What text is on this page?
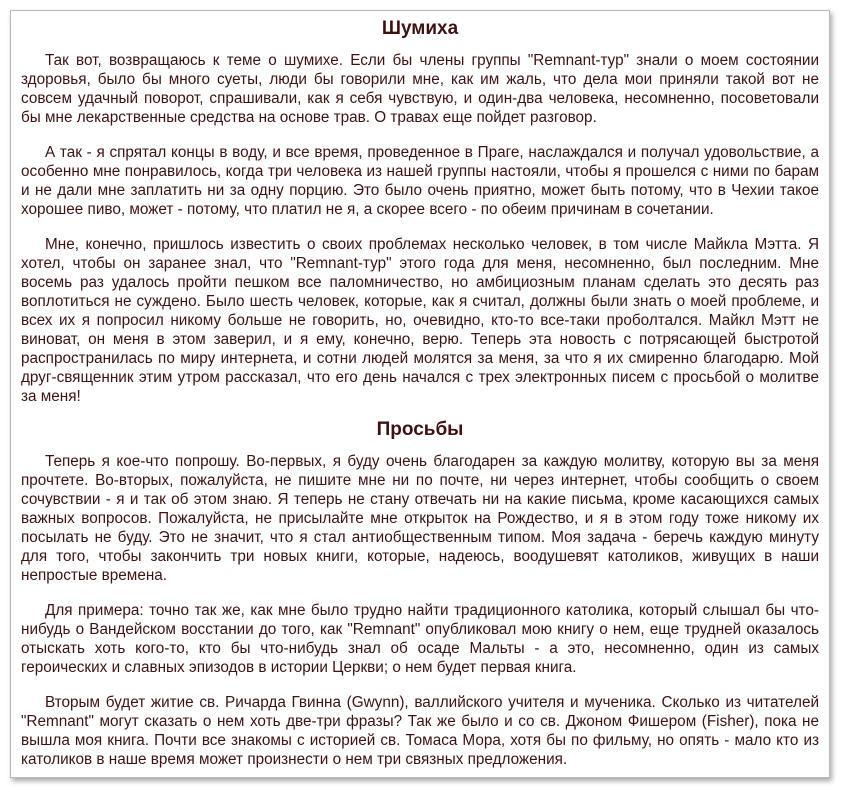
Шумиха

Так вот, возвращаюсь к теме о шумихе. Если бы члены группы "Remnant-тур" знали о моем состоянии здоровья, было бы много суеты, люди бы говорили мне, как им жаль, что дела мои приняли такой вот не совсем удачный поворот, спрашивали, как я себя чувствую, и один-два человека, несомненно, посоветовали бы мне лекарственные средства на основе трав. О травах еще пойдет разговор.

А так - я спрятал концы в воду, и все время, проведенное в Праге, наслаждался и получал удовольствие, а особенно мне понравилось, когда три человека из нашей группы настояли, чтобы я прошелся с ними по барам и не дали мне заплатить ни за одну порцию. Это было очень приятно, может быть потому, что в Чехии такое хорошее пиво, может - потому, что платил не я, а скорее всего - по обеим причинам в сочетании.

Мне, конечно, пришлось известить о своих проблемах несколько человек, в том числе Майкла Мэтта. Я хотел, чтобы он заранее знал, что "Remnant-тур" этого года для меня, несомненно, был последним. Мне восемь раз удалось пройти пешком все паломничество, но амбициозным планам сделать это десять раз воплотиться не суждено. Было шесть человек, которые, как я считал, должны были знать о моей проблеме, и всех их я попросил никому больше не говорить, но, очевидно, кто-то все-таки проболтался. Майкл Мэтт не виноват, он меня в этом заверил, и я ему, конечно, верю. Теперь эта новость с потрясающей быстротой распространилась по миру интернета, и сотни людей молятся за меня, за что я их смиренно благодарю. Мой друг-священник этим утром рассказал, что его день начался с трех электронных писем с просьбой о молитве за меня!

Просьбы

Теперь я кое-что попрошу. Во-первых, я буду очень благодарен за каждую молитву, которую вы за меня прочтете. Во-вторых, пожалуйста, не пишите мне ни по почте, ни через интернет, чтобы сообщить о своем сочувствии - я и так об этом знаю. Я теперь не стану отвечать ни на какие письма, кроме касающихся самых важных вопросов. Пожалуйста, не присылайте мне открыток на Рождество, и я в этом году тоже никому их посылать не буду. Это не значит, что я стал антиобщественным типом. Моя задача - беречь каждую минуту для того, чтобы закончить три новых книги, которые, надеюсь, воодушевят католиков, живущих в наши непростые времена.

Для примера: точно так же, как мне было трудно найти традиционного католика, который слышал бы что-нибудь о Вандейском восстании до того, как "Remnant" опубликовал мою книгу о нем, еще трудней оказалось отыскать хоть кого-то, кто бы что-нибудь знал об осаде Мальты - а это, несомненно, один из самых героических и славных эпизодов в истории Церкви; о нем будет первая книга.

Вторым будет житие св. Ричарда Гвинна (Gwynn), валлийского учителя и мученика. Сколько из читателей "Remnant" могут сказать о нем хоть две-три фразы? Так же было и со св. Джоном Фишером (Fisher), пока не вышла моя книга. Почти все знакомы с историей св. Томаса Мора, хотя бы по фильму, но опять - мало кто из католиков в наше время может произнести о нем три связных предложения.
